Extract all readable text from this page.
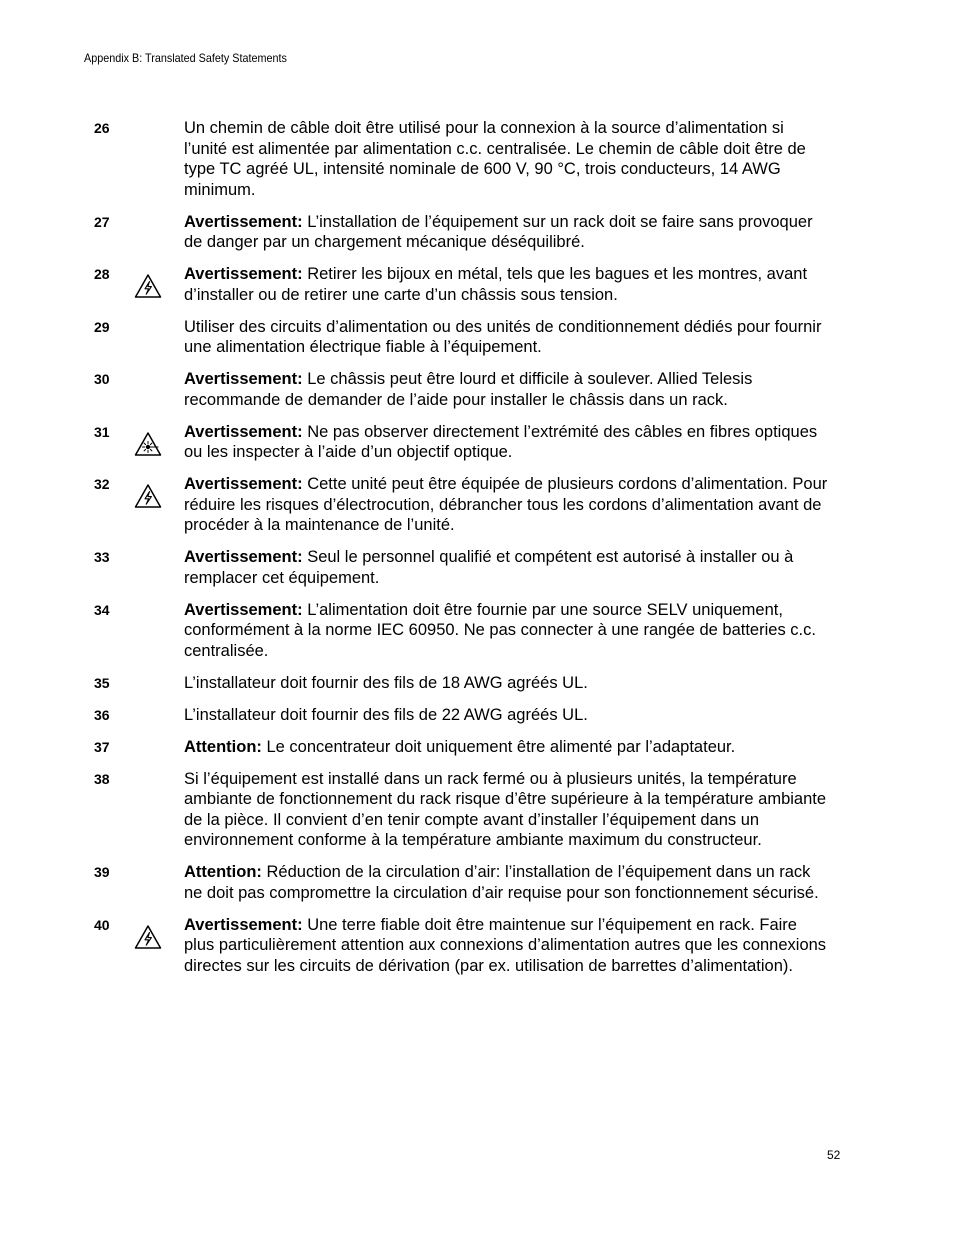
Appendix B: Translated Safety Statements
26	Un chemin de câble doit être utilisé pour la connexion à la source d’alimentation si l’unité est alimentée par alimentation c.c. centralisée. Le chemin de câble doit être de type TC agréé UL, intensité nominale de 600 V, 90 °C, trois conducteurs, 14 AWG minimum.
27	Avertissement: L’installation de l’équipement sur un rack doit se faire sans provoquer de danger par un chargement mécanique déséquilibré.
28	Avertissement: Retirer les bijoux en métal, tels que les bagues et les montres, avant d’installer ou de retirer une carte d’un châssis sous tension.
29	Utiliser des circuits d’alimentation ou des unités de conditionnement dédiés pour fournir une alimentation électrique fiable à l’équipement.
30	Avertissement: Le châssis peut être lourd et difficile à soulever. Allied Telesis recommande de demander de l’aide pour installer le châssis dans un rack.
31	Avertissement: Ne pas observer directement l’extrémité des câbles en fibres optiques ou les inspecter à l’aide d’un objectif optique.
32	Avertissement: Cette unité peut être équipée de plusieurs cordons d’alimentation. Pour réduire les risques d’électrocution, débrancher tous les cordons d’alimentation avant de procéder à la maintenance de l’unité.
33	Avertissement: Seul le personnel qualifié et compétent est autorisé à installer ou à remplacer cet équipement.
34	Avertissement: L’alimentation doit être fournie par une source SELV uniquement, conformément à la norme IEC 60950. Ne pas connecter à une rangée de batteries c.c. centralisée.
35	L’installateur doit fournir des fils de 18 AWG agréés UL.
36	L’installateur doit fournir des fils de 22 AWG agréés UL.
37	Attention: Le concentrateur doit uniquement être alimenté par l’adaptateur.
38	Si l’équipement est installé dans un rack fermé ou à plusieurs unités, la température ambiante de fonctionnement du rack risque d’être supérieure à la température ambiante de la pièce. Il convient d’en tenir compte avant d’installer l’équipement dans un environnement conforme à la température ambiante maximum du constructeur.
39	Attention: Réduction de la circulation d’air: l’installation de l’équipement dans un rack ne doit pas compromettre la circulation d’air requise pour son fonctionnement sécurisé.
40	Avertissement: Une terre fiable doit être maintenue sur l’équipement en rack. Faire plus particulièrement attention aux connexions d’alimentation autres que les connexions directes sur les circuits de dérivation (par ex. utilisation de barrettes d’alimentation).
52
